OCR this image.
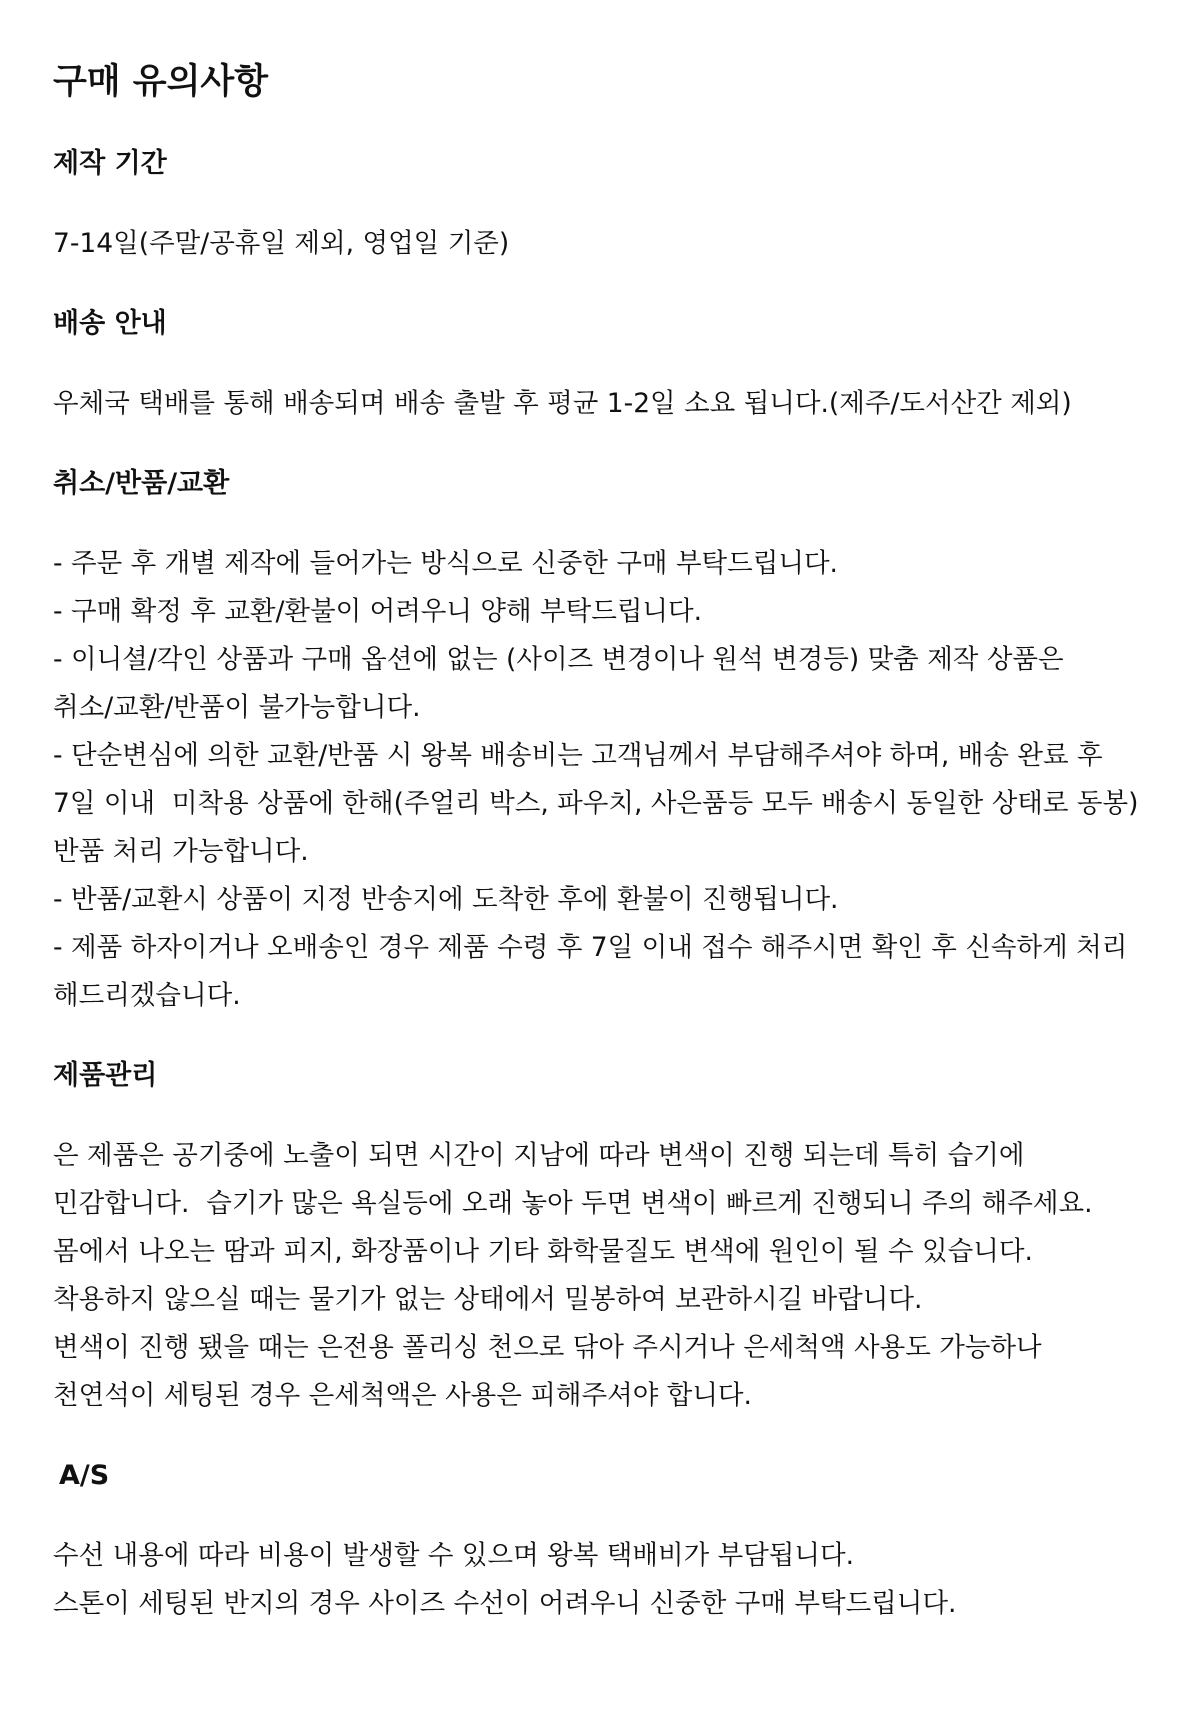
구매 유의사항
제작 기간
7-14일(주말/공휴일 제외, 영업일 기준)
배송 안내
우체국 택배를 통해 배송되며 배송 출발 후 평균 1-2일 소요 됩니다.(제주/도서산간 제외)
취소/반품/교환
- 주문 후 개별 제작에 들어가는 방식으로 신중한 구매 부탁드립니다.
- 구매 확정 후 교환/환불이 어려우니 양해 부탁드립니다.
- 이니셜/각인 상품과 구매 옵션에 없는 (사이즈 변경이나 원석 변경등) 맞춤 제작 상품은
취소/교환/반품이 불가능합니다.
- 단순변심에 의한 교환/반품 시 왕복 배송비는 고객님께서 부담해주셔야 하며, 배송 완료 후
7일 이내  미착용 상품에 한해(주얼리 박스, 파우치, 사은품등 모두 배송시 동일한 상태로 동봉)
반품 처리 가능합니다.
- 반품/교환시 상품이 지정 반송지에 도착한 후에 환불이 진행됩니다.
- 제품 하자이거나 오배송인 경우 제품 수령 후 7일 이내 접수 해주시면 확인 후 신속하게 처리
해드리겠습니다.
제품관리
은 제품은 공기중에 노출이 되면 시간이 지남에 따라 변색이 진행 되는데 특히 습기에
민감합니다.  습기가 많은 욕실등에 오래 놓아 두면 변색이 빠르게 진행되니 주의 해주세요.
몸에서 나오는 땀과 피지, 화장품이나 기타 화학물질도 변색에 원인이 될 수 있습니다.
착용하지 않으실 때는 물기가 없는 상태에서 밀봉하여 보관하시길 바랍니다.
변색이 진행 됐을 때는 은전용 폴리싱 천으로 닦아 주시거나 은세척액 사용도 가능하나
천연석이 세팅된 경우 은세척액은 사용은 피해주셔야 합니다.
A/S
수선 내용에 따라 비용이 발생할 수 있으며 왕복 택배비가 부담됩니다.
스톤이 세팅된 반지의 경우 사이즈 수선이 어려우니 신중한 구매 부탁드립니다.
